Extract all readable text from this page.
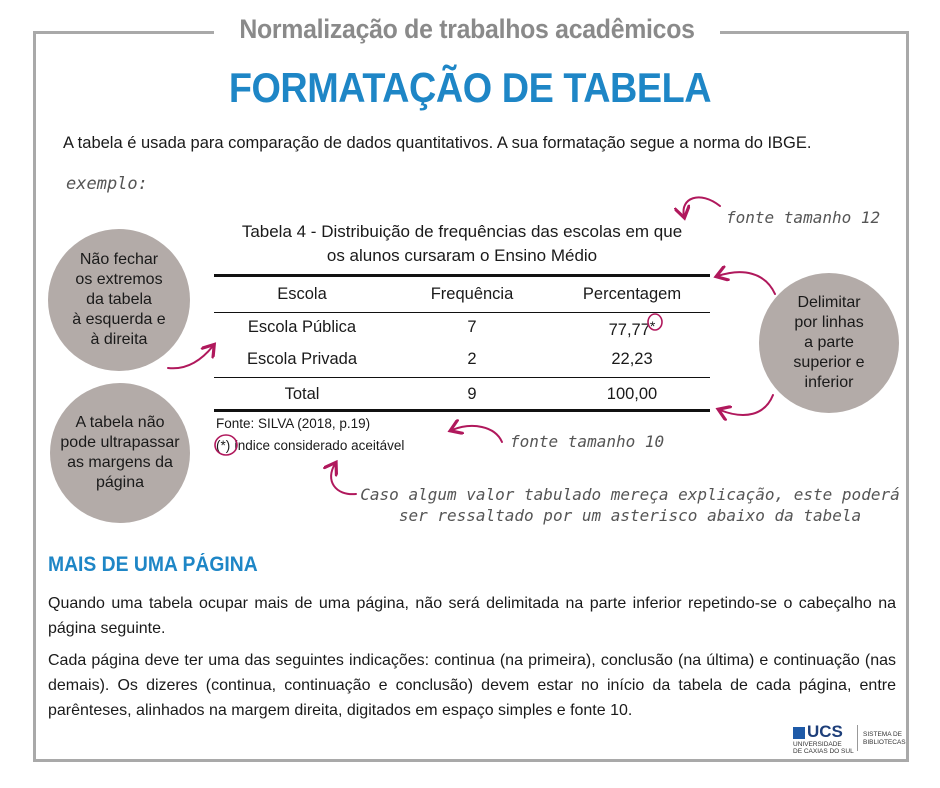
Normalização de trabalhos acadêmicos
FORMATAÇÃO DE TABELA
A tabela é usada para comparação de dados quantitativos. A sua formatação segue a norma do IBGE.
exemplo:
Tabela 4 - Distribuição de frequências das escolas em que
os alunos cursaram o Ensino Médio
Escola	Frequência	Percentagem
Escola Pública	7	77,77*
Escola Privada	2	22,23
Total	9	100,00
Fonte: SILVA (2018, p.19)
(*) índice considerado aceitável
Não fechar
os extremos
da tabela
à esquerda e
à direita
A tabela não
pode ultrapassar
as margens da
página
Delimitar
por linhas
a parte
superior e
inferior
fonte tamanho 12
fonte tamanho 10
Caso algum valor tabulado mereça explicação, este poderá
ser ressaltado por um asterisco abaixo da tabela
MAIS DE UMA PÁGINA
Quando uma tabela ocupar mais de uma página, não será delimitada na parte inferior repetindo-se o cabeçalho na página seguinte.
Cada página deve ter uma das seguintes indicações: continua (na primeira), conclusão (na última) e continuação (nas demais). Os dizeres (continua, continuação e conclusão) devem estar no início da tabela de cada página, entre parênteses, alinhados na margem direita, digitados em espaço simples e fonte 10.
UCS
UNIVERSIDADE
DE CAXIAS DO SUL
SISTEMA DE
BIBLIOTECAS
